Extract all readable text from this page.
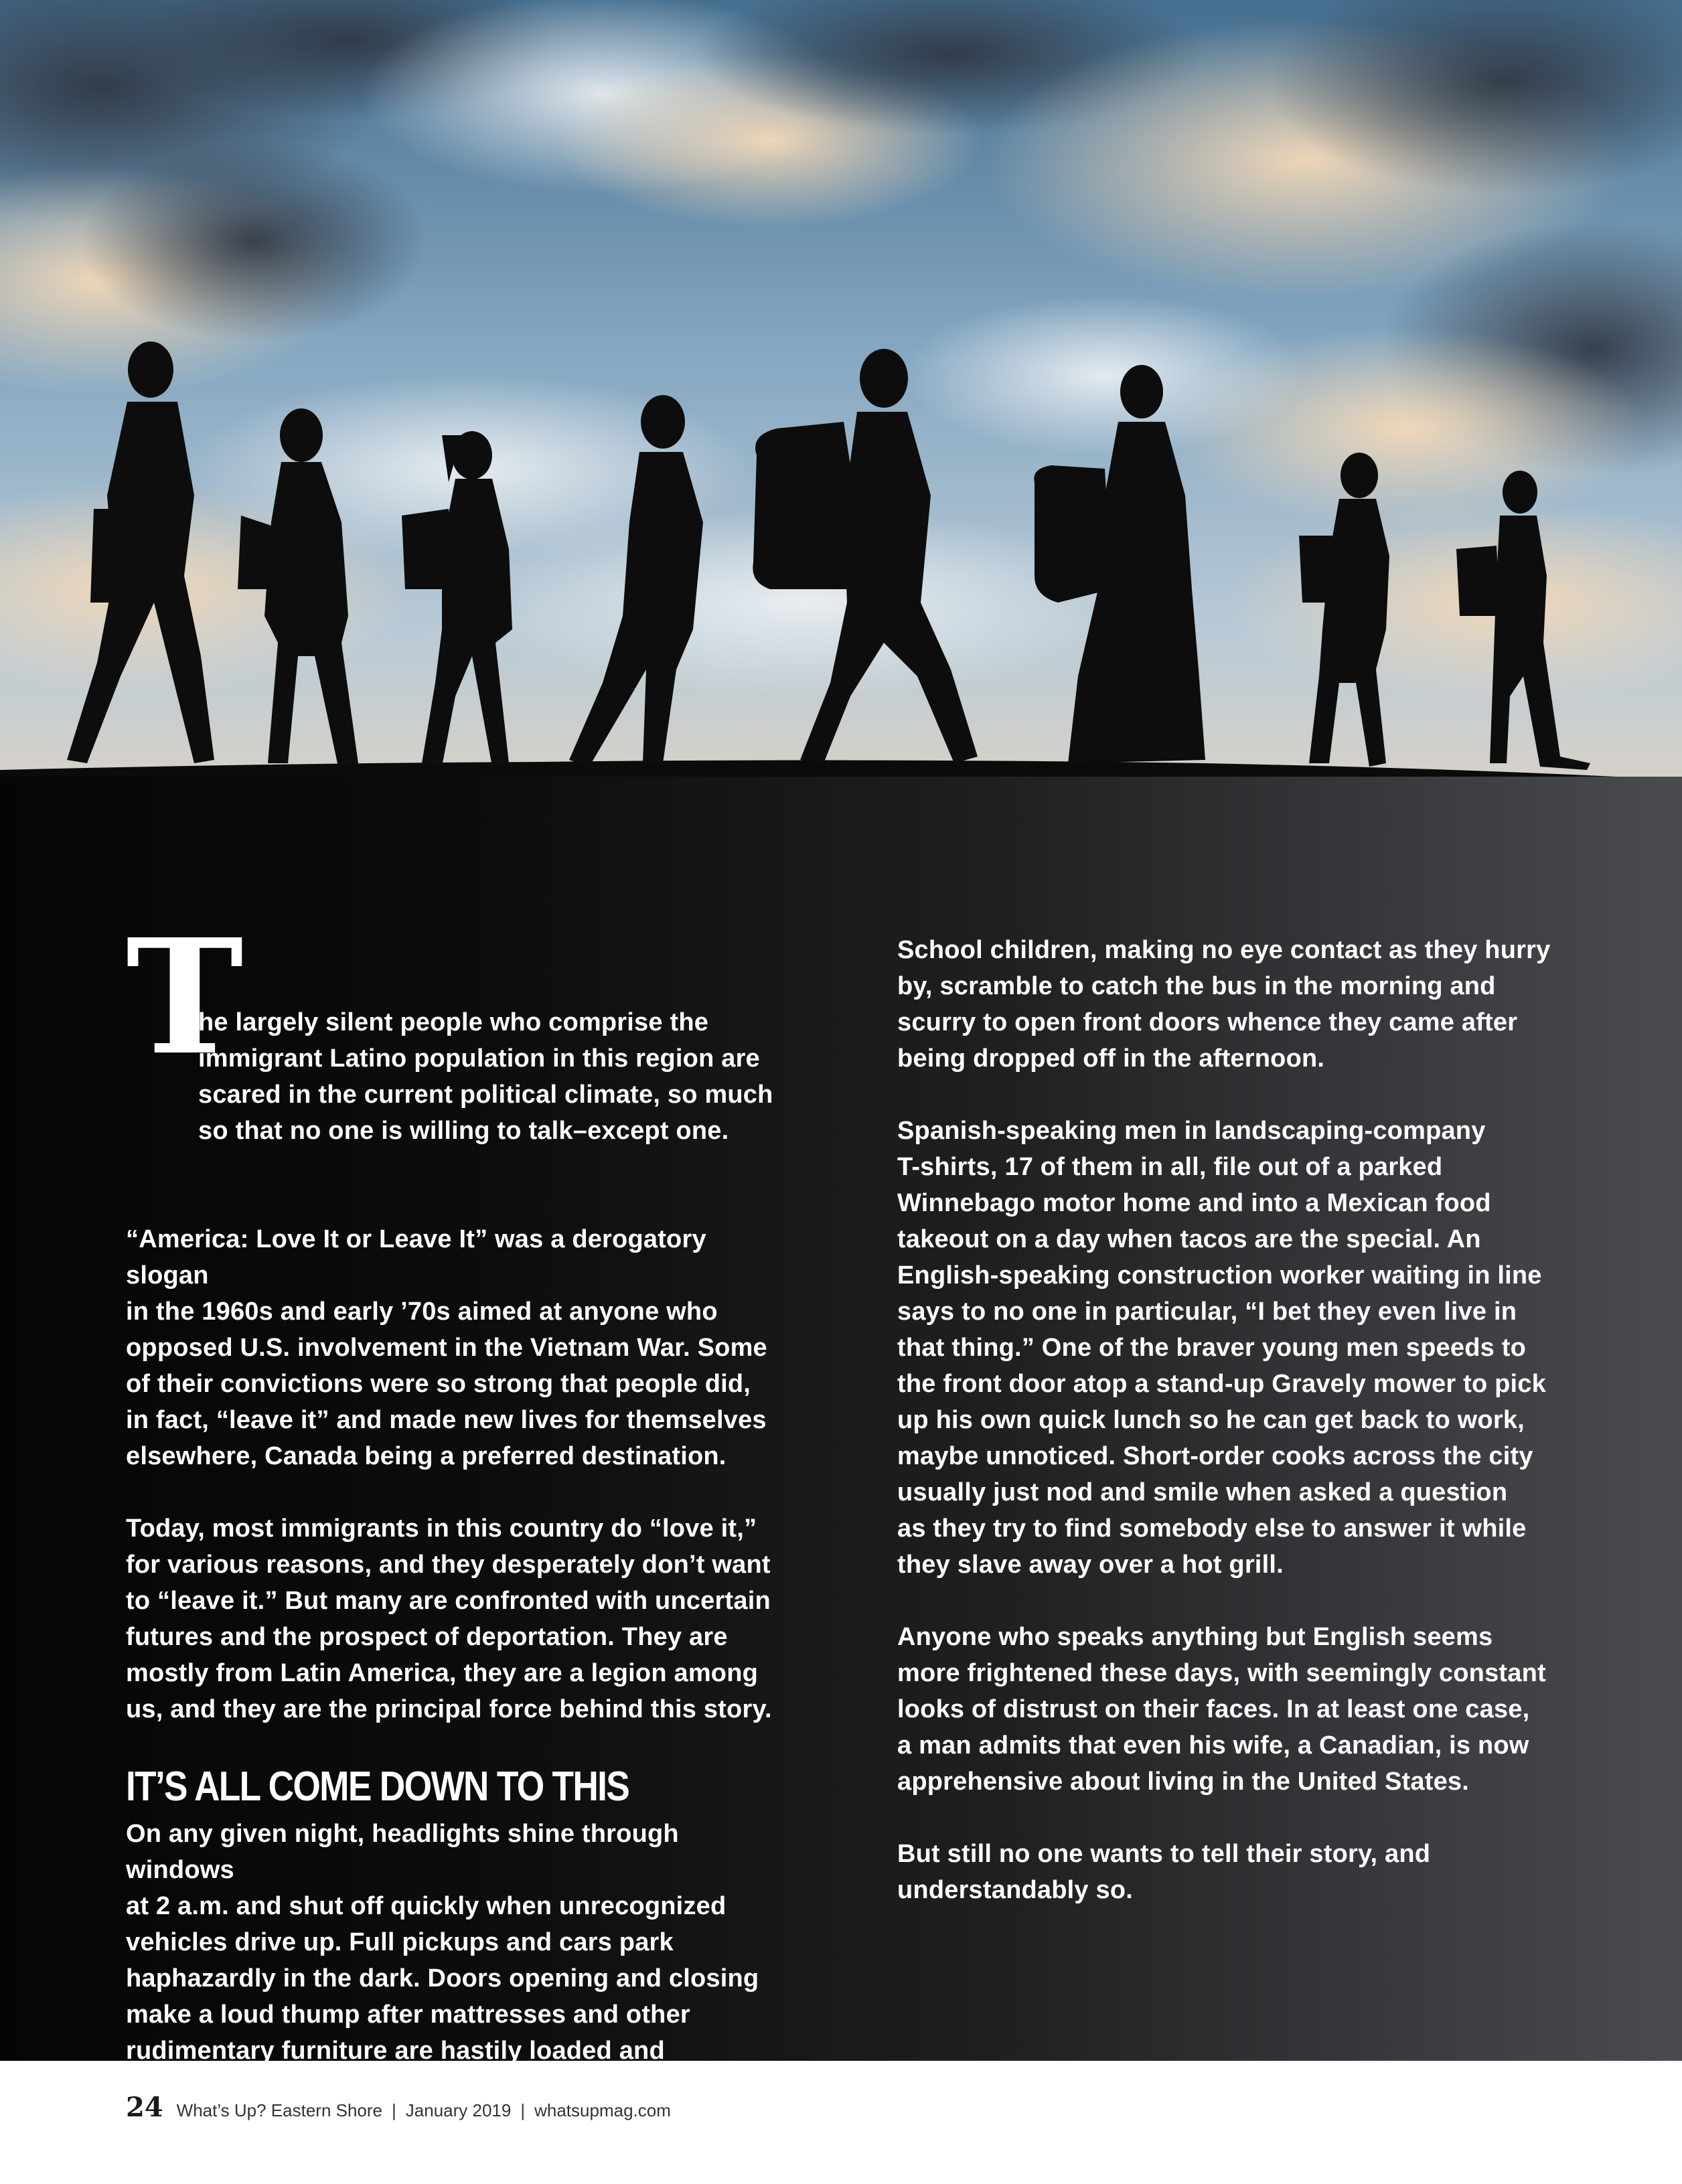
T

he largely silent people who comprise the
immigrant Latino population in this region are
scared in the current political climate, so much
so that no one is willing to talk–except one.

“America: Love It or Leave It” was a derogatory slogan
in the 1960s and early ’70s aimed at anyone who
opposed U.S. involvement in the Vietnam War. Some
of their convictions were so strong that people did,
in fact, “leave it” and made new lives for themselves
elsewhere, Canada being a preferred destination.

Today, most immigrants in this country do “love it,”
for various reasons, and they desperately don’t want
to “leave it.” But many are confronted with uncertain
futures and the prospect of deportation. They are
mostly from Latin America, they are a legion among
us, and they are the principal force behind this story.

IT’S ALL COME DOWN TO THIS

On any given night, headlights shine through windows
at 2 a.m. and shut off quickly when unrecognized
vehicles drive up. Full pickups and cars park
haphazardly in the dark. Doors opening and closing
make a loud thump after mattresses and other
rudimentary furniture are hastily loaded and unloaded.

School children, making no eye contact as they hurry
by, scramble to catch the bus in the morning and
scurry to open front doors whence they came after
being dropped off in the afternoon.

Spanish-speaking men in landscaping-company
T-shirts, 17 of them in all, file out of a parked
Winnebago motor home and into a Mexican food
takeout on a day when tacos are the special. An
English-speaking construction worker waiting in line
says to no one in particular, “I bet they even live in
that thing.” One of the braver young men speeds to
the front door atop a stand-up Gravely mower to pick
up his own quick lunch so he can get back to work,
maybe unnoticed. Short-order cooks across the city
usually just nod and smile when asked a question
as they try to find somebody else to answer it while
they slave away over a hot grill.

Anyone who speaks anything but English seems
more frightened these days, with seemingly constant
looks of distrust on their faces. In at least one case,
a man admits that even his wife, a Canadian, is now
apprehensive about living in the United States.

But still no one wants to tell their story, and
understandably so.

24 What’s Up? Eastern Shore | January 2019 | whatsupmag.com
